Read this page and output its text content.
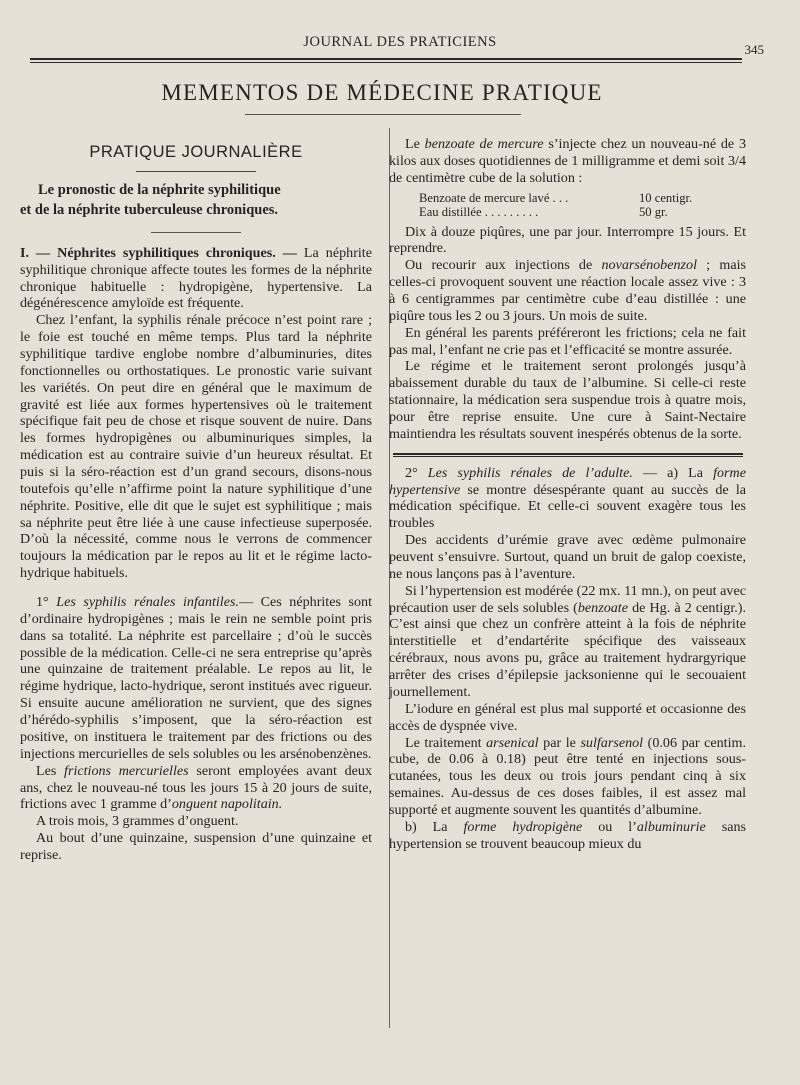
JOURNAL DES PRATICIENS	345
MEMENTOS DE MÉDECINE PRATIQUE
PRATIQUE JOURNALIÈRE
Le pronostic de la néphrite syphilitique
et de la néphrite tuberculeuse chroniques.

I. — Néphrites syphilitiques chroniques. — La néphrite syphilitique chronique affecte toutes les formes de la néphrite chronique habituelle : hydropigène, hypertensive. La dégénérescence amyloïde est fréquente.

Chez l’enfant, la syphilis rénale précoce n’est point rare ; le foie est touché en même temps. Plus tard la néphrite syphilitique tardive englobe nombre d’albuminuries, dites fonctionnelles ou orthostatiques. Le pronostic varie suivant les variétés. On peut dire en général que le maximum de gravité est liée aux formes hypertensives où le traitement spécifique fait peu de chose et risque souvent de nuire. Dans les formes hydropigènes ou albuminuriques simples, la médication est au contraire suivie d’un heureux résultat. Et puis si la séro-réaction est d’un grand secours, disons-nous toutefois qu’elle n’affirme point la nature syphilitique d’une néphrite. Positive, elle dit que le sujet est syphilitique ; mais sa néphrite peut être liée à une cause infectieuse superposée. D’où la nécessité, comme nous le verrons de commencer toujours la médication par le repos au lit et le régime lacto-hydrique habituels.

1° Les syphilis rénales infantiles.— Ces néphrites sont d’ordinaire hydropigènes ; mais le rein ne semble point pris dans sa totalité. La néphrite est parcellaire ; d’où le succès possible de la médication. Celle-ci ne sera entreprise qu’après une quinzaine de traitement préalable. Le repos au lit, le régime hydrique, lacto-hydrique, seront institués avec rigueur. Si ensuite aucune amélioration ne survient, que des signes d’hérédo-syphilis s’imposent, que la séro-réaction est positive, on instituera le traitement par des frictions ou des injections mercurielles de sels solubles ou les arsénobenzènes.

Les frictions mercurielles seront employées avant deux ans, chez le nouveau-né tous les jours 15 à 20 jours de suite, frictions avec 1 gramme d’onguent napolitain.

A trois mois, 3 grammes d’onguent.

Au bout d’une quinzaine, suspension d’une quinzaine et reprise.

Le benzoate de mercure s’injecte chez un nouveau-né de 3 kilos aux doses quotidiennes de 1 milligramme et demi soit 3/4 de centimètre cube de la solution :

Benzoate de mercure lavé . . .	10 centigr.
Eau distillée . . . . . . . . .	50 gr.

Dix à douze piqûres, une par jour. Interrompre 15 jours. Et reprendre.

Ou recourir aux injections de novarsénobenzol ; mais celles-ci provoquent souvent une réaction locale assez vive : 3 à 6 centigrammes par centimètre cube d’eau distillée : une piqûre tous les 2 ou 3 jours. Un mois de suite.

En général les parents préféreront les frictions; cela ne fait pas mal, l’enfant ne crie pas et l’efficacité se montre assurée.

Le régime et le traitement seront prolongés jusqu’à abaissement durable du taux de l’albumine. Si celle-ci reste stationnaire, la médication sera suspendue trois à quatre mois, pour être reprise ensuite. Une cure à Saint-Nectaire maintiendra les résultats souvent inespérés obtenus de la sorte.

2° Les syphilis rénales de l’adulte. — a) La forme hypertensive se montre désespérante quant au succès de la médication spécifique. Et celle-ci souvent exagère tous les troubles

Des accidents d’urémie grave avec œdème pulmonaire peuvent s’ensuivre. Surtout, quand un bruit de galop coexiste, ne nous lançons pas à l’aventure.

Si l’hypertension est modérée (22 mx. 11 mn.), on peut avec précaution user de sels solubles (benzoate de Hg. à 2 centigr.). C’est ainsi que chez un confrère atteint à la fois de néphrite interstitielle et d’endartérite spécifique des vaisseaux cérébraux, nous avons pu, grâce au traitement hydrargyrique arrêter des crises d’épilepsie jacksonienne qui le secouaient journellement.

L’iodure en général est plus mal supporté et occasionne des accès de dyspnée vive.

Le traitement arsenical par le sulfarsenol (0.06 par centim. cube, de 0.06 à 0.18) peut être tenté en injections sous-cutanées, tous les deux ou trois jours pendant cinq à six semaines. Au-dessus de ces doses faibles, il est assez mal supporté et augmente souvent les quantités d’albumine.

b) La forme hydropigène ou l’albuminurie sans hypertension se trouvent beaucoup mieux du
